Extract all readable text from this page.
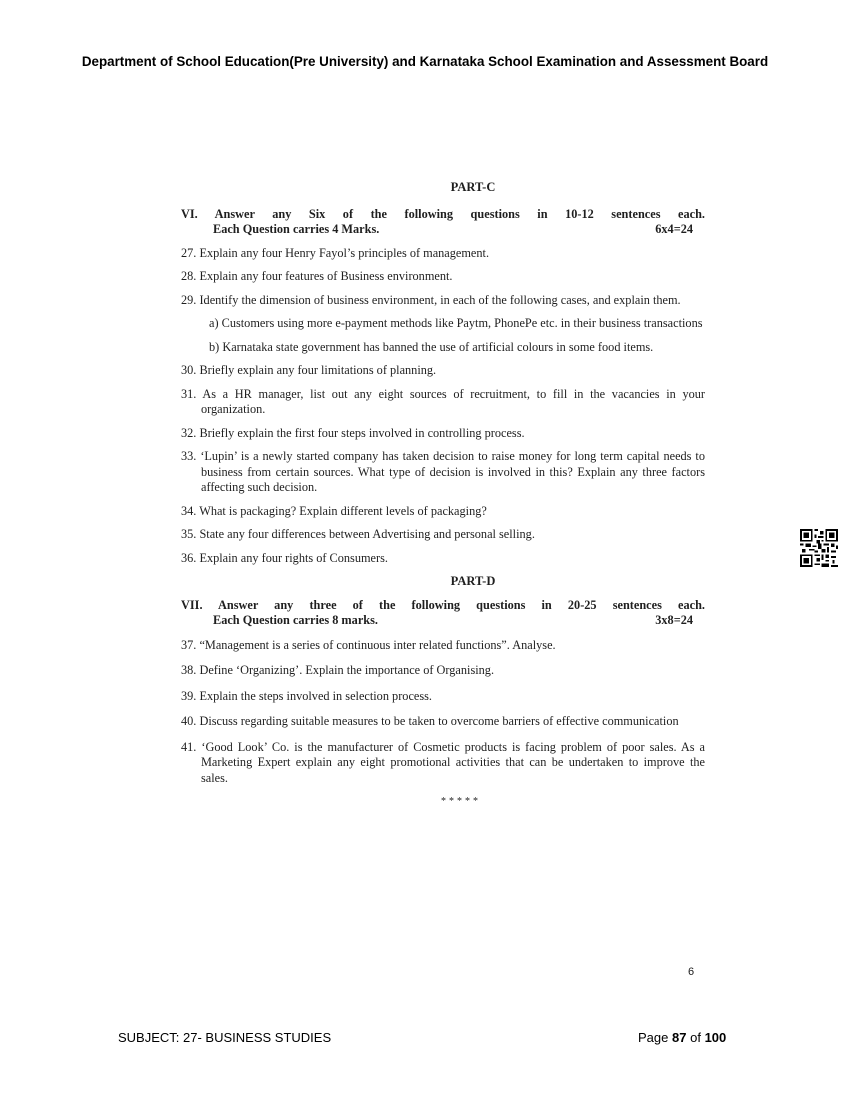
Department of School Education(Pre University) and Karnataka School Examination and Assessment Board
PART-C
VI. Answer any Six of the following questions in 10-12 sentences each.
Each Question carries 4 Marks.	6x4=24
27. Explain any four Henry Fayol’s principles of management.
28. Explain any four features of Business environment.
29. Identify the dimension of business environment, in each of the following cases, and explain them.
a) Customers using more e-payment methods like Paytm, PhonePe etc. in their business transactions
b) Karnataka state government has banned the use of artificial colours in some food items.
30. Briefly explain any four limitations of planning.
31. As a HR manager, list out any eight sources of recruitment, to fill in the vacancies in your organization.
32. Briefly explain the first four steps involved in controlling process.
33. ‘Lupin’ is a newly started company has taken decision to raise money for long term capital needs to business from certain sources. What type of decision is involved in this? Explain any three factors affecting such decision.
34. What is packaging? Explain different levels of packaging?
35. State any four differences between Advertising and personal selling.
36. Explain any four rights of Consumers.
PART-D
VII. Answer any three of the following questions in 20-25 sentences each.
Each Question carries 8 marks.	3x8=24
37. “Management is a series of continuous inter related functions”. Analyse.
38. Define ‘Organizing’. Explain the importance of Organising.
39. Explain the steps involved in selection process.
40. Discuss regarding suitable measures to be taken to overcome barriers of effective communication
41. ‘Good Look’ Co. is the manufacturer of Cosmetic products is facing problem of poor sales. As a Marketing Expert explain any eight promotional activities that can be undertaken to improve the sales.
*****
6
SUBJECT: 27- BUSINESS STUDIES	Page 87 of 100
